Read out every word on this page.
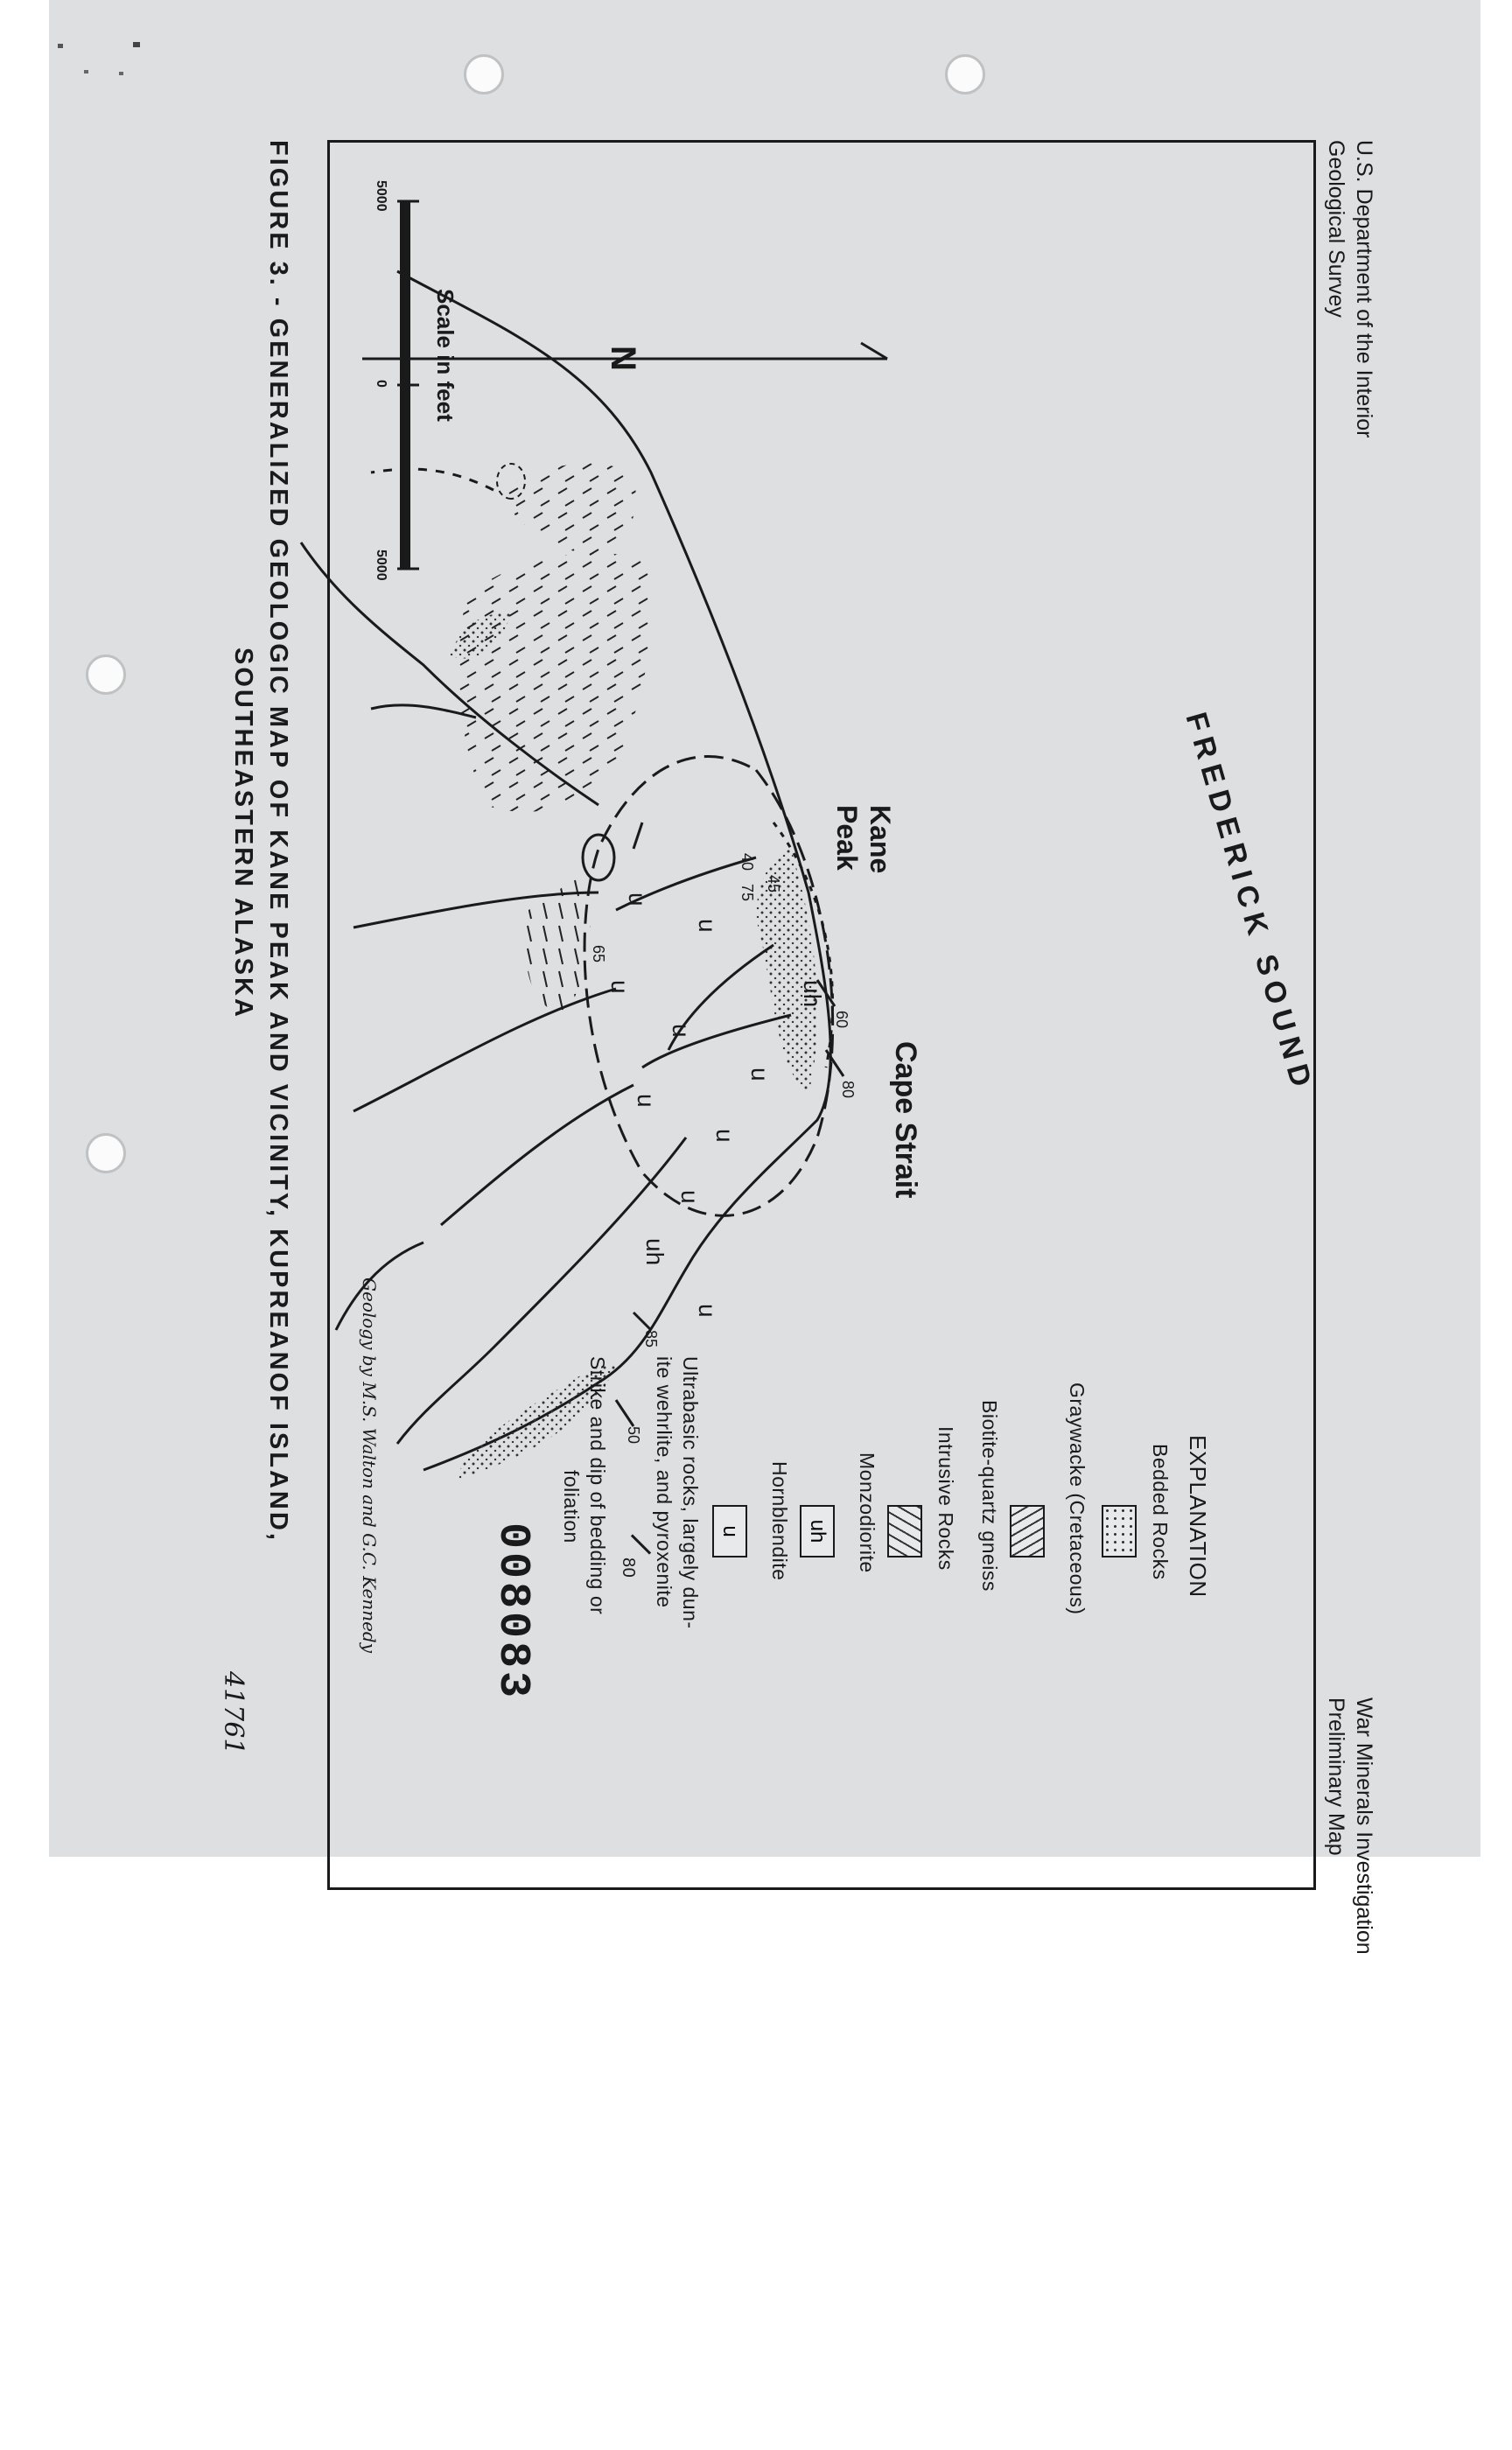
U.S. Department of the Interior
Geological Survey
War Minerals Investigation
Preliminary Map
FREDERICK SOUND
Cape Strait
Kane
Peak
N
uh
uh
u
u
u
u
u
u
u
u
u
80
60
45
40
75
65
50
85
Scale in feet
5000
0
5000
EXPLANATION
Bedded Rocks
Graywacke (Cretaceous)
Biotite-quartz gneiss
Intrusive Rocks
Monzodiorite
uh
Hornblendite
u
Ultrabasic rocks, largely dun-
ite wehrlite, and pyroxenite
80
Strike and dip of bedding or
foliation
008083
Geology by M.S. Walton and G.C. Kennedy
FIGURE 3. - GENERALIZED GEOLOGIC MAP OF KANE PEAK AND VICINITY, KUPREANOF ISLAND,
SOUTHEASTERN ALASKA
41761
